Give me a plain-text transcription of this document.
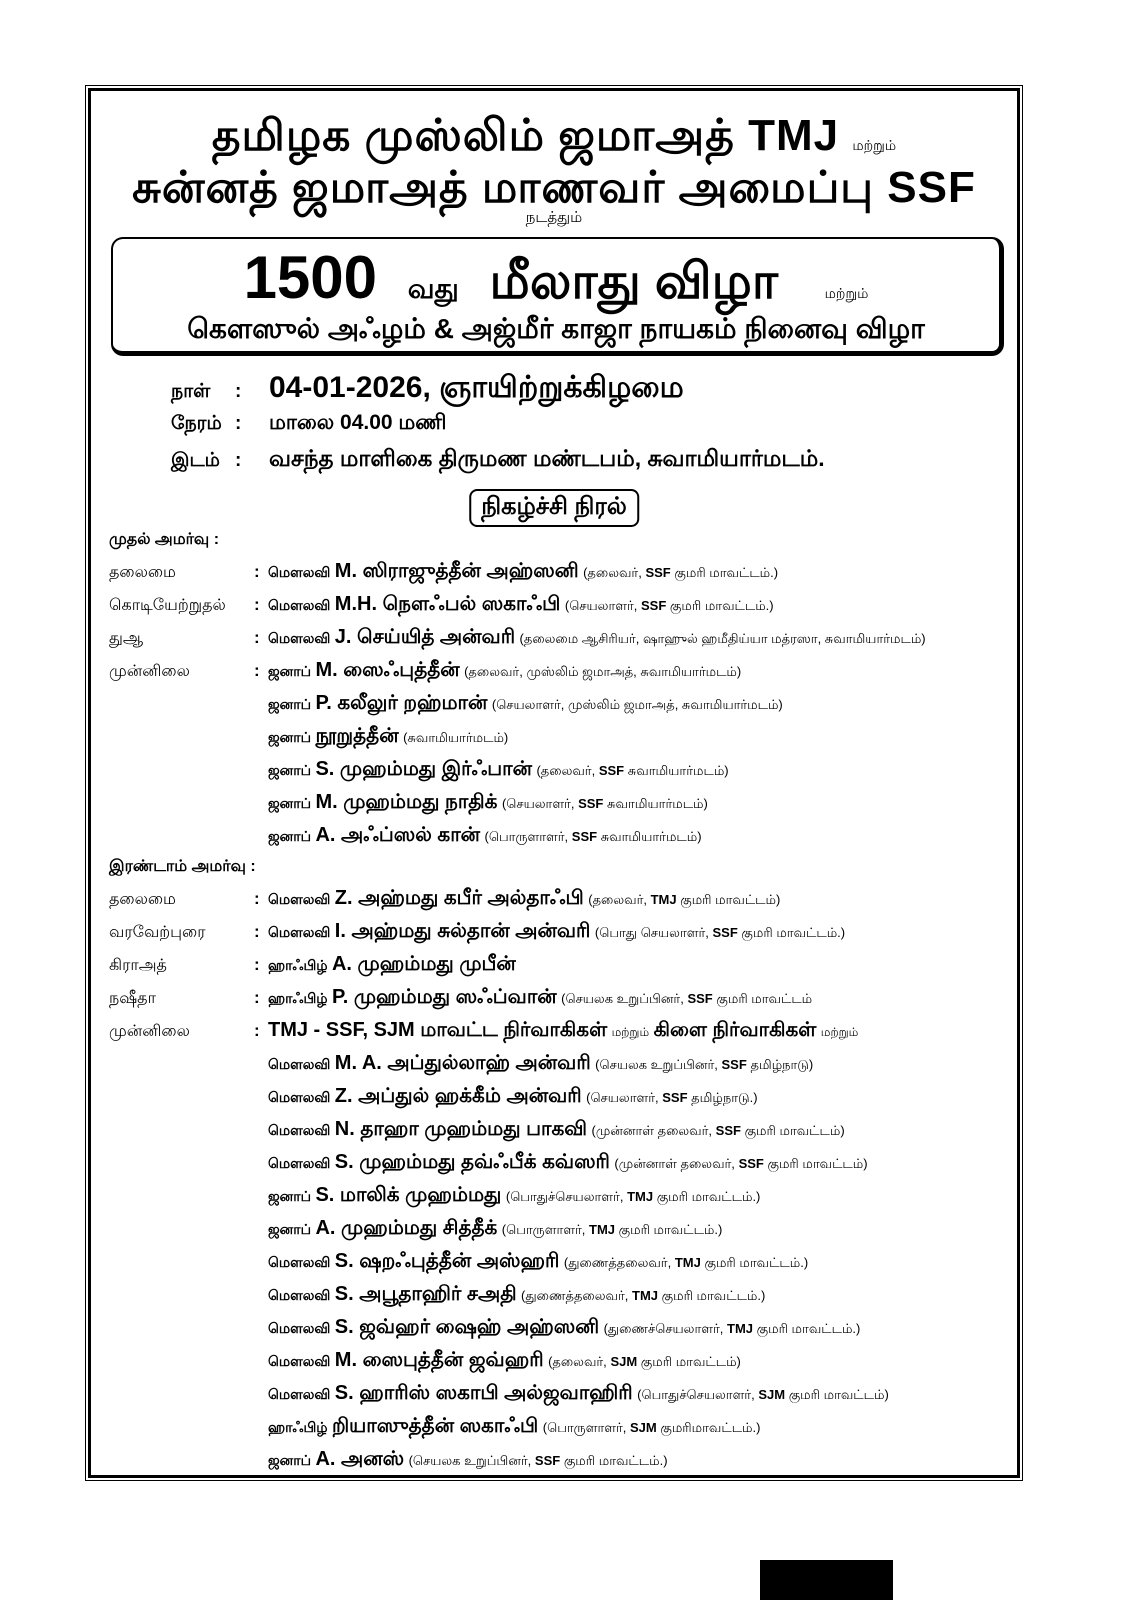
தமிழக முஸ்லிம் ஜமாஅத் TMJ மற்றும்
சுன்னத் ஜமாஅத் மாணவர் அமைப்பு SSF
நடத்தும்
1500 வது மீலாது விழா	மற்றும்
கௌஸுல் அஃழம் & அஜ்மீர் காஜா நாயகம் நினைவு விழா
நாள் : 04-01-2026, ஞாயிற்றுக்கிழமை
நேரம் : மாலை 04.00 மணி
இடம் : வசந்த மாளிகை திருமண மண்டபம், சுவாமியார்மடம்.
நிகழ்ச்சி நிரல்
முதல் அமர்வு :
தலைமை	: மௌலவி M. ஸிராஜுத்தீன் அஹ்ஸனி (தலைவர், SSF குமரி மாவட்டம்.)
கொடியேற்றுதல் : மௌலவி M.H. நௌஃபல் ஸகாஃபி (செயலாளர், SSF குமரி மாவட்டம்.)
துஆ	: மௌலவி J. செய்யித் அன்வரி (தலைமை ஆசிரியர், ஷாஹுல் ஹமீதிய்யா மத்ரஸா, சுவாமியார்மடம்)
முன்னிலை	: ஜனாப் M. ஸைஃபுத்தீன் (தலைவர், முஸ்லிம் ஜமாஅத், சுவாமியார்மடம்)
ஜனாப் P. கலீலுர் றஹ்மான் (செயலாளர், முஸ்லிம் ஜமாஅத், சுவாமியார்மடம்)
ஜனாப் நூறுத்தீன் (சுவாமியார்மடம்)
ஜனாப் S. முஹம்மது இர்ஃபான் (தலைவர், SSF சுவாமியார்மடம்)
ஜனாப் M. முஹம்மது நாதிக் (செயலாளர், SSF சுவாமியார்மடம்)
ஜனாப் A. அஃப்ஸல் கான் (பொருளாளர், SSF சுவாமியார்மடம்)
இரண்டாம் அமர்வு :
தலைமை	: மௌலவி Z. அஹ்மது கபீர் அல்தாஃபி (தலைவர், TMJ குமரி மாவட்டம்)
வரவேற்புரை	: மௌலவி I. அஹ்மது சுல்தான் அன்வரி (பொது செயலாளர், SSF குமரி மாவட்டம்.)
கிராஅத்	: ஹாஃபிழ் A. முஹம்மது முபீன்
நஷீதா	: ஹாஃபிழ் P. முஹம்மது ஸஃப்வான் (செயலக உறுப்பினர், SSF குமரி மாவட்டம்
முன்னிலை	: TMJ - SSF, SJM மாவட்ட நிர்வாகிகள் மற்றும் கிளை நிர்வாகிகள் மற்றும்
மௌலவி M. A. அப்துல்லாஹ் அன்வரி (செயலக உறுப்பினர், SSF தமிழ்நாடு)
மௌலவி Z. அப்துல் ஹக்கீம் அன்வரி (செயலாளர், SSF தமிழ்நாடு.)
மௌலவி N. தாஹா முஹம்மது பாகவி (முன்னாள் தலைவர், SSF குமரி மாவட்டம்)
மௌலவி S. முஹம்மது தவ்ஃபீக் கவ்ஸரி (முன்னாள் தலைவர், SSF குமரி மாவட்டம்)
ஜனாப் S. மாலிக் முஹம்மது (பொதுச்செயலாளர், TMJ குமரி மாவட்டம்.)
ஜனாப் A. முஹம்மது சித்தீக் (பொருளாளர், TMJ குமரி மாவட்டம்.)
மௌலவி S. ஷறஃபுத்தீன் அஸ்ஹரி (துணைத்தலைவர், TMJ குமரி மாவட்டம்.)
மௌலவி S. அபூதாஹிர் சஅதி (துணைத்தலைவர், TMJ குமரி மாவட்டம்.)
மௌலவி S. ஜவ்ஹர் ஷைஹ் அஹ்ஸனி (துணைச்செயலாளர், TMJ குமரி மாவட்டம்.)
மௌலவி M. ஸைபுத்தீன் ஜவ்ஹரி (தலைவர், SJM குமரி மாவட்டம்)
மௌலவி S. ஹாரிஸ் ஸகாபி அல்ஜவாஹிரி (பொதுச்செயலாளர், SJM குமரி மாவட்டம்)
ஹாஃபிழ் றியாஸுத்தீன் ஸகாஃபி (பொருளாளர், SJM குமரிமாவட்டம்.)
ஜனாப் A. அனஸ் (செயலக உறுப்பினர், SSF குமரி மாவட்டம்.)
